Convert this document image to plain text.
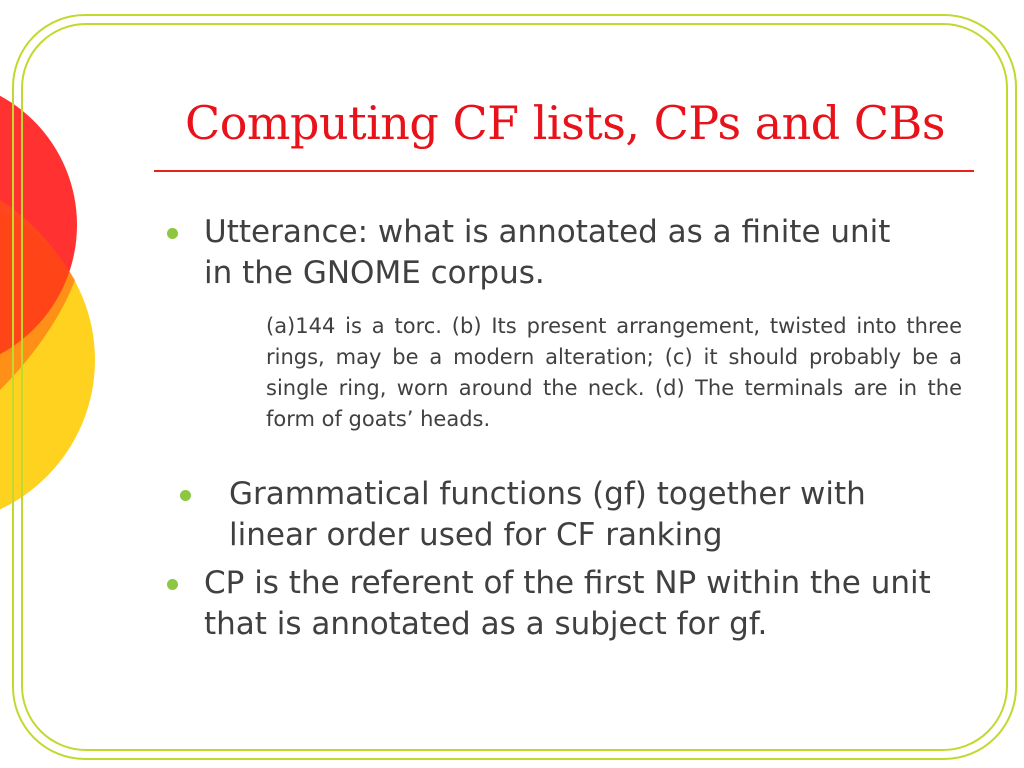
Computing CF lists, CPs and CBs
Utterance: what is annotated as a finite unit in the GNOME corpus.
(a)144 is a torc. (b) Its present arrangement, twisted into three rings, may be a modern alteration; (c) it should probably be a single ring, worn around the neck. (d) The terminals are in the form of goats’ heads.
Grammatical functions (gf) together with linear order used for CF ranking
CP is the referent of the first NP within the unit that is annotated as a subject for gf.
